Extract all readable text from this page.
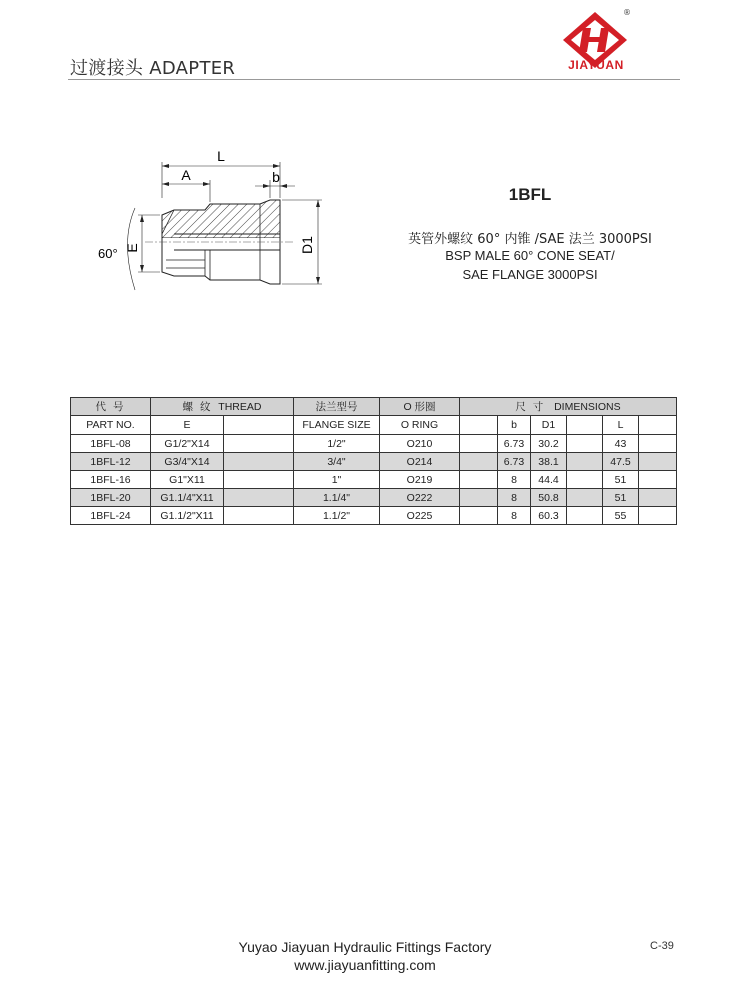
过渡接头 ADAPTER
®
JIAYUAN
L
A	b
D1
E
60°
1BFL
英管外螺纹 60° 内锥 /SAE 法兰 3000PSI
BSP MALE 60° CONE SEAT/
SAE FLANGE 3000PSI
代 号	螺 纹 THREAD		法兰型号	O 形圈	尺 寸 DIMENSIONS					
PART NO.	E		FLANGE SIZE	O RING		b	D1		L	
1BFL-08	G1/2"X14		1/2"	O210		6.73	30.2		43	
1BFL-12	G3/4"X14		3/4"	O214		6.73	38.1		47.5	
1BFL-16	G1"X11		1"	O219		8	44.4		51	
1BFL-20	G1.1/4"X11		1.1/4"	O222		8	50.8		51	
1BFL-24	G1.1/2"X11		1.1/2"	O225		8	60.3		55	
Yuyao Jiayuan Hydraulic Fittings Factory
www.jiayuanfitting.com
C-39
